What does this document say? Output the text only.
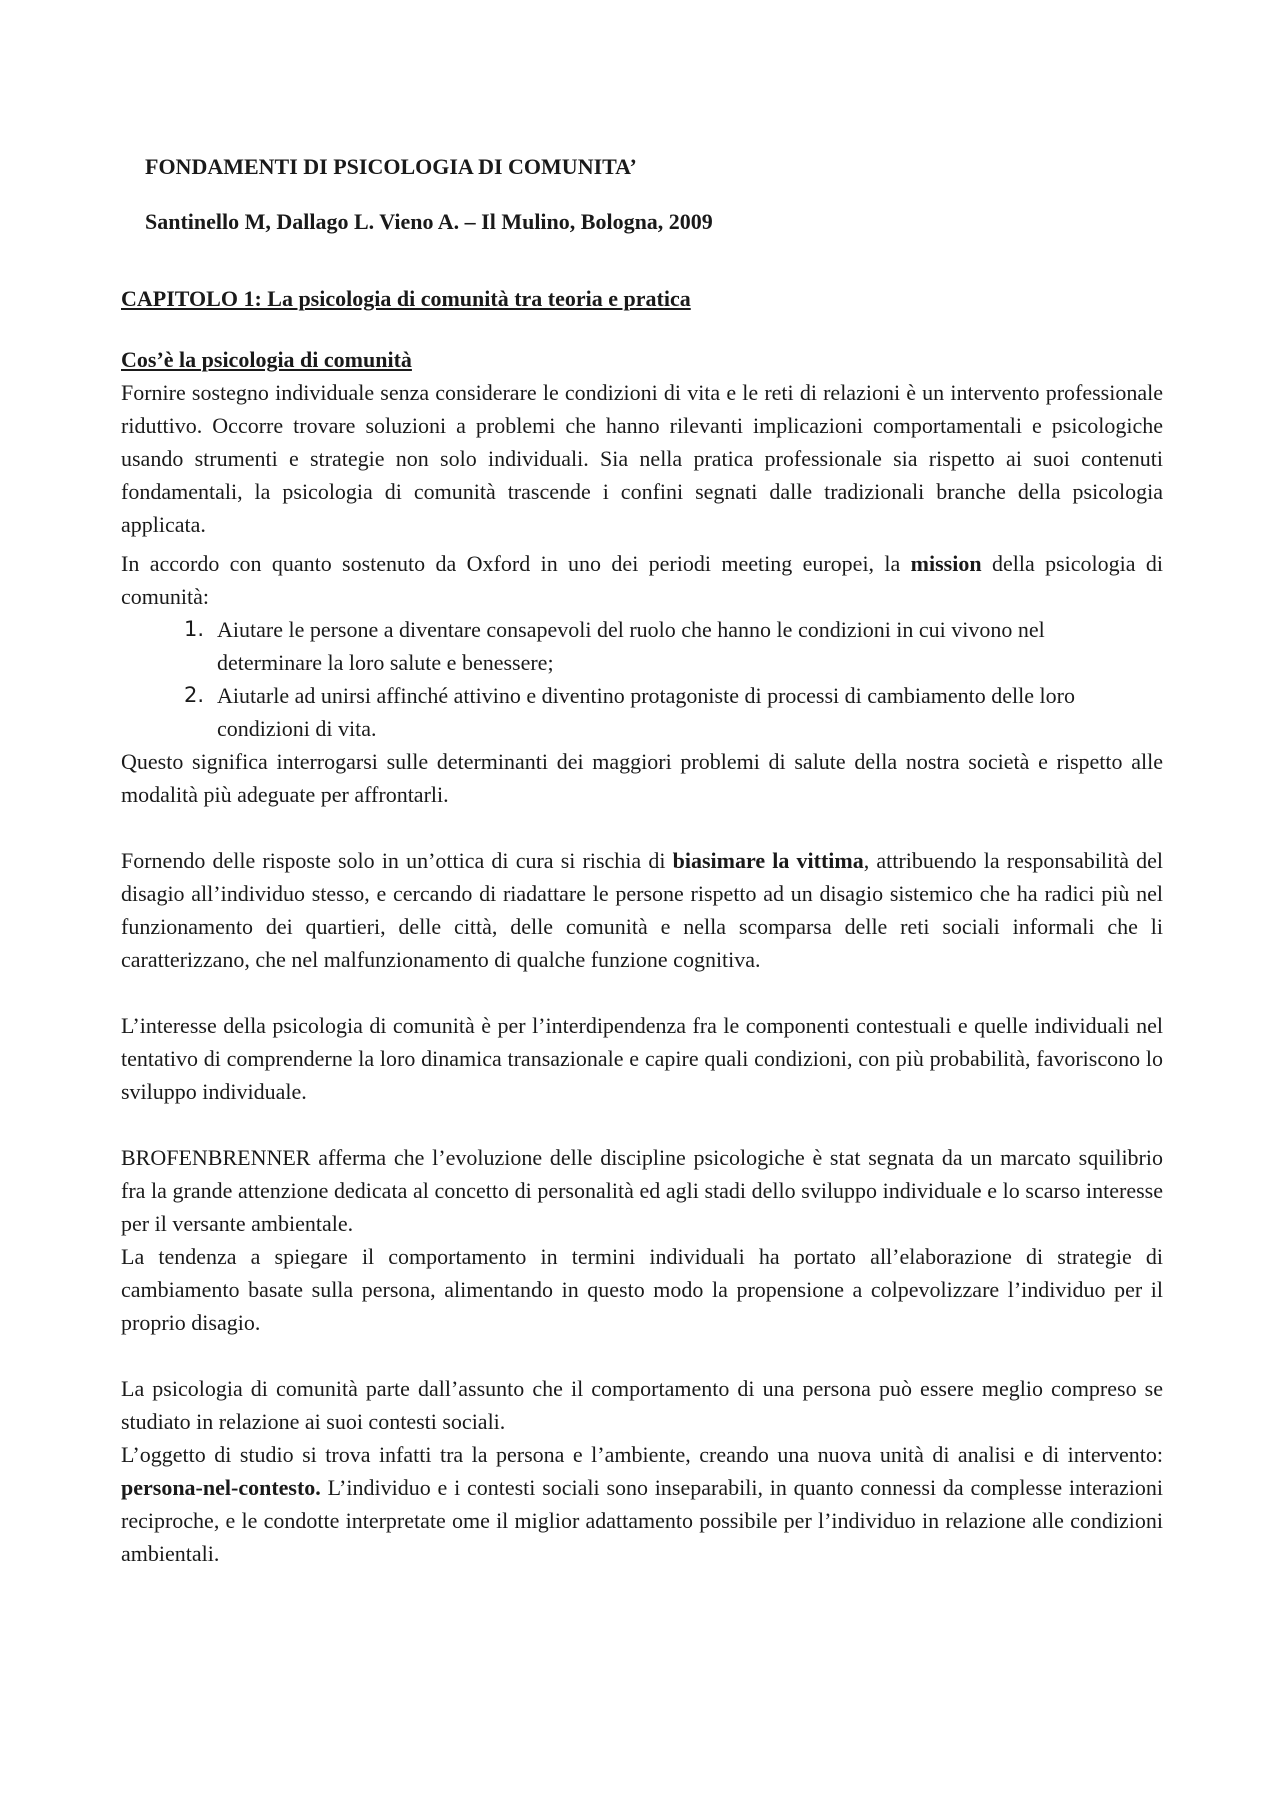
FONDAMENTI DI PSICOLOGIA DI COMUNITA’
Santinello M, Dallago L. Vieno A. – Il Mulino, Bologna, 2009
CAPITOLO 1: La psicologia di comunità tra teoria e pratica
Cos’è la psicologia di comunità

Fornire sostegno individuale senza considerare le condizioni di vita e le reti di relazioni è un intervento professionale riduttivo. Occorre trovare soluzioni a problemi che hanno rilevanti implicazioni comportamentali e psicologiche usando strumenti e strategie non solo individuali. Sia nella pratica professionale sia rispetto ai suoi contenuti fondamentali, la psicologia di comunità trascende i confini segnati dalle tradizionali branche della psicologia applicata.

In accordo con quanto sostenuto da Oxford in uno dei periodi meeting europei, la mission della psicologia di comunità:

1. Aiutare le persone a diventare consapevoli del ruolo che hanno le condizioni in cui vivono nel determinare la loro salute e benessere;
2. Aiutarle ad unirsi affinché attivino e diventino protagoniste di processi di cambiamento delle loro condizioni di vita.

Questo significa interrogarsi sulle determinanti dei maggiori problemi di salute della nostra società e rispetto alle modalità più adeguate per affrontarli.

Fornendo delle risposte solo in un’ottica di cura si rischia di biasimare la vittima, attribuendo la responsabilità del disagio all’individuo stesso, e cercando di riadattare le persone rispetto ad un disagio sistemico che ha radici più nel funzionamento dei quartieri, delle città, delle comunità e nella scomparsa delle reti sociali informali che li caratterizzano, che nel malfunzionamento di qualche funzione cognitiva.

L’interesse della psicologia di comunità è per l’interdipendenza fra le componenti contestuali e quelle individuali nel tentativo di comprenderne la loro dinamica transazionale e capire quali condizioni, con più probabilità, favoriscono lo sviluppo individuale.

BROFENBRENNER afferma che l’evoluzione delle discipline psicologiche è stat segnata da un marcato squilibrio fra la grande attenzione dedicata al concetto di personalità ed agli stadi dello sviluppo individuale e lo scarso interesse per il versante ambientale.

La tendenza a spiegare il comportamento in termini individuali ha portato all’elaborazione di strategie di cambiamento basate sulla persona, alimentando in questo modo la propensione a colpevolizzare l’individuo per il proprio disagio.

La psicologia di comunità parte dall’assunto che il comportamento di una persona può essere meglio compreso se studiato in relazione ai suoi contesti sociali.

L’oggetto di studio si trova infatti tra la persona e l’ambiente, creando una nuova unità di analisi e di intervento: persona-nel-contesto. L’individuo e i contesti sociali sono inseparabili, in quanto connessi da complesse interazioni reciproche, e le condotte interpretate ome il miglior adattamento possibile per l’individuo in relazione alle condizioni ambientali.
